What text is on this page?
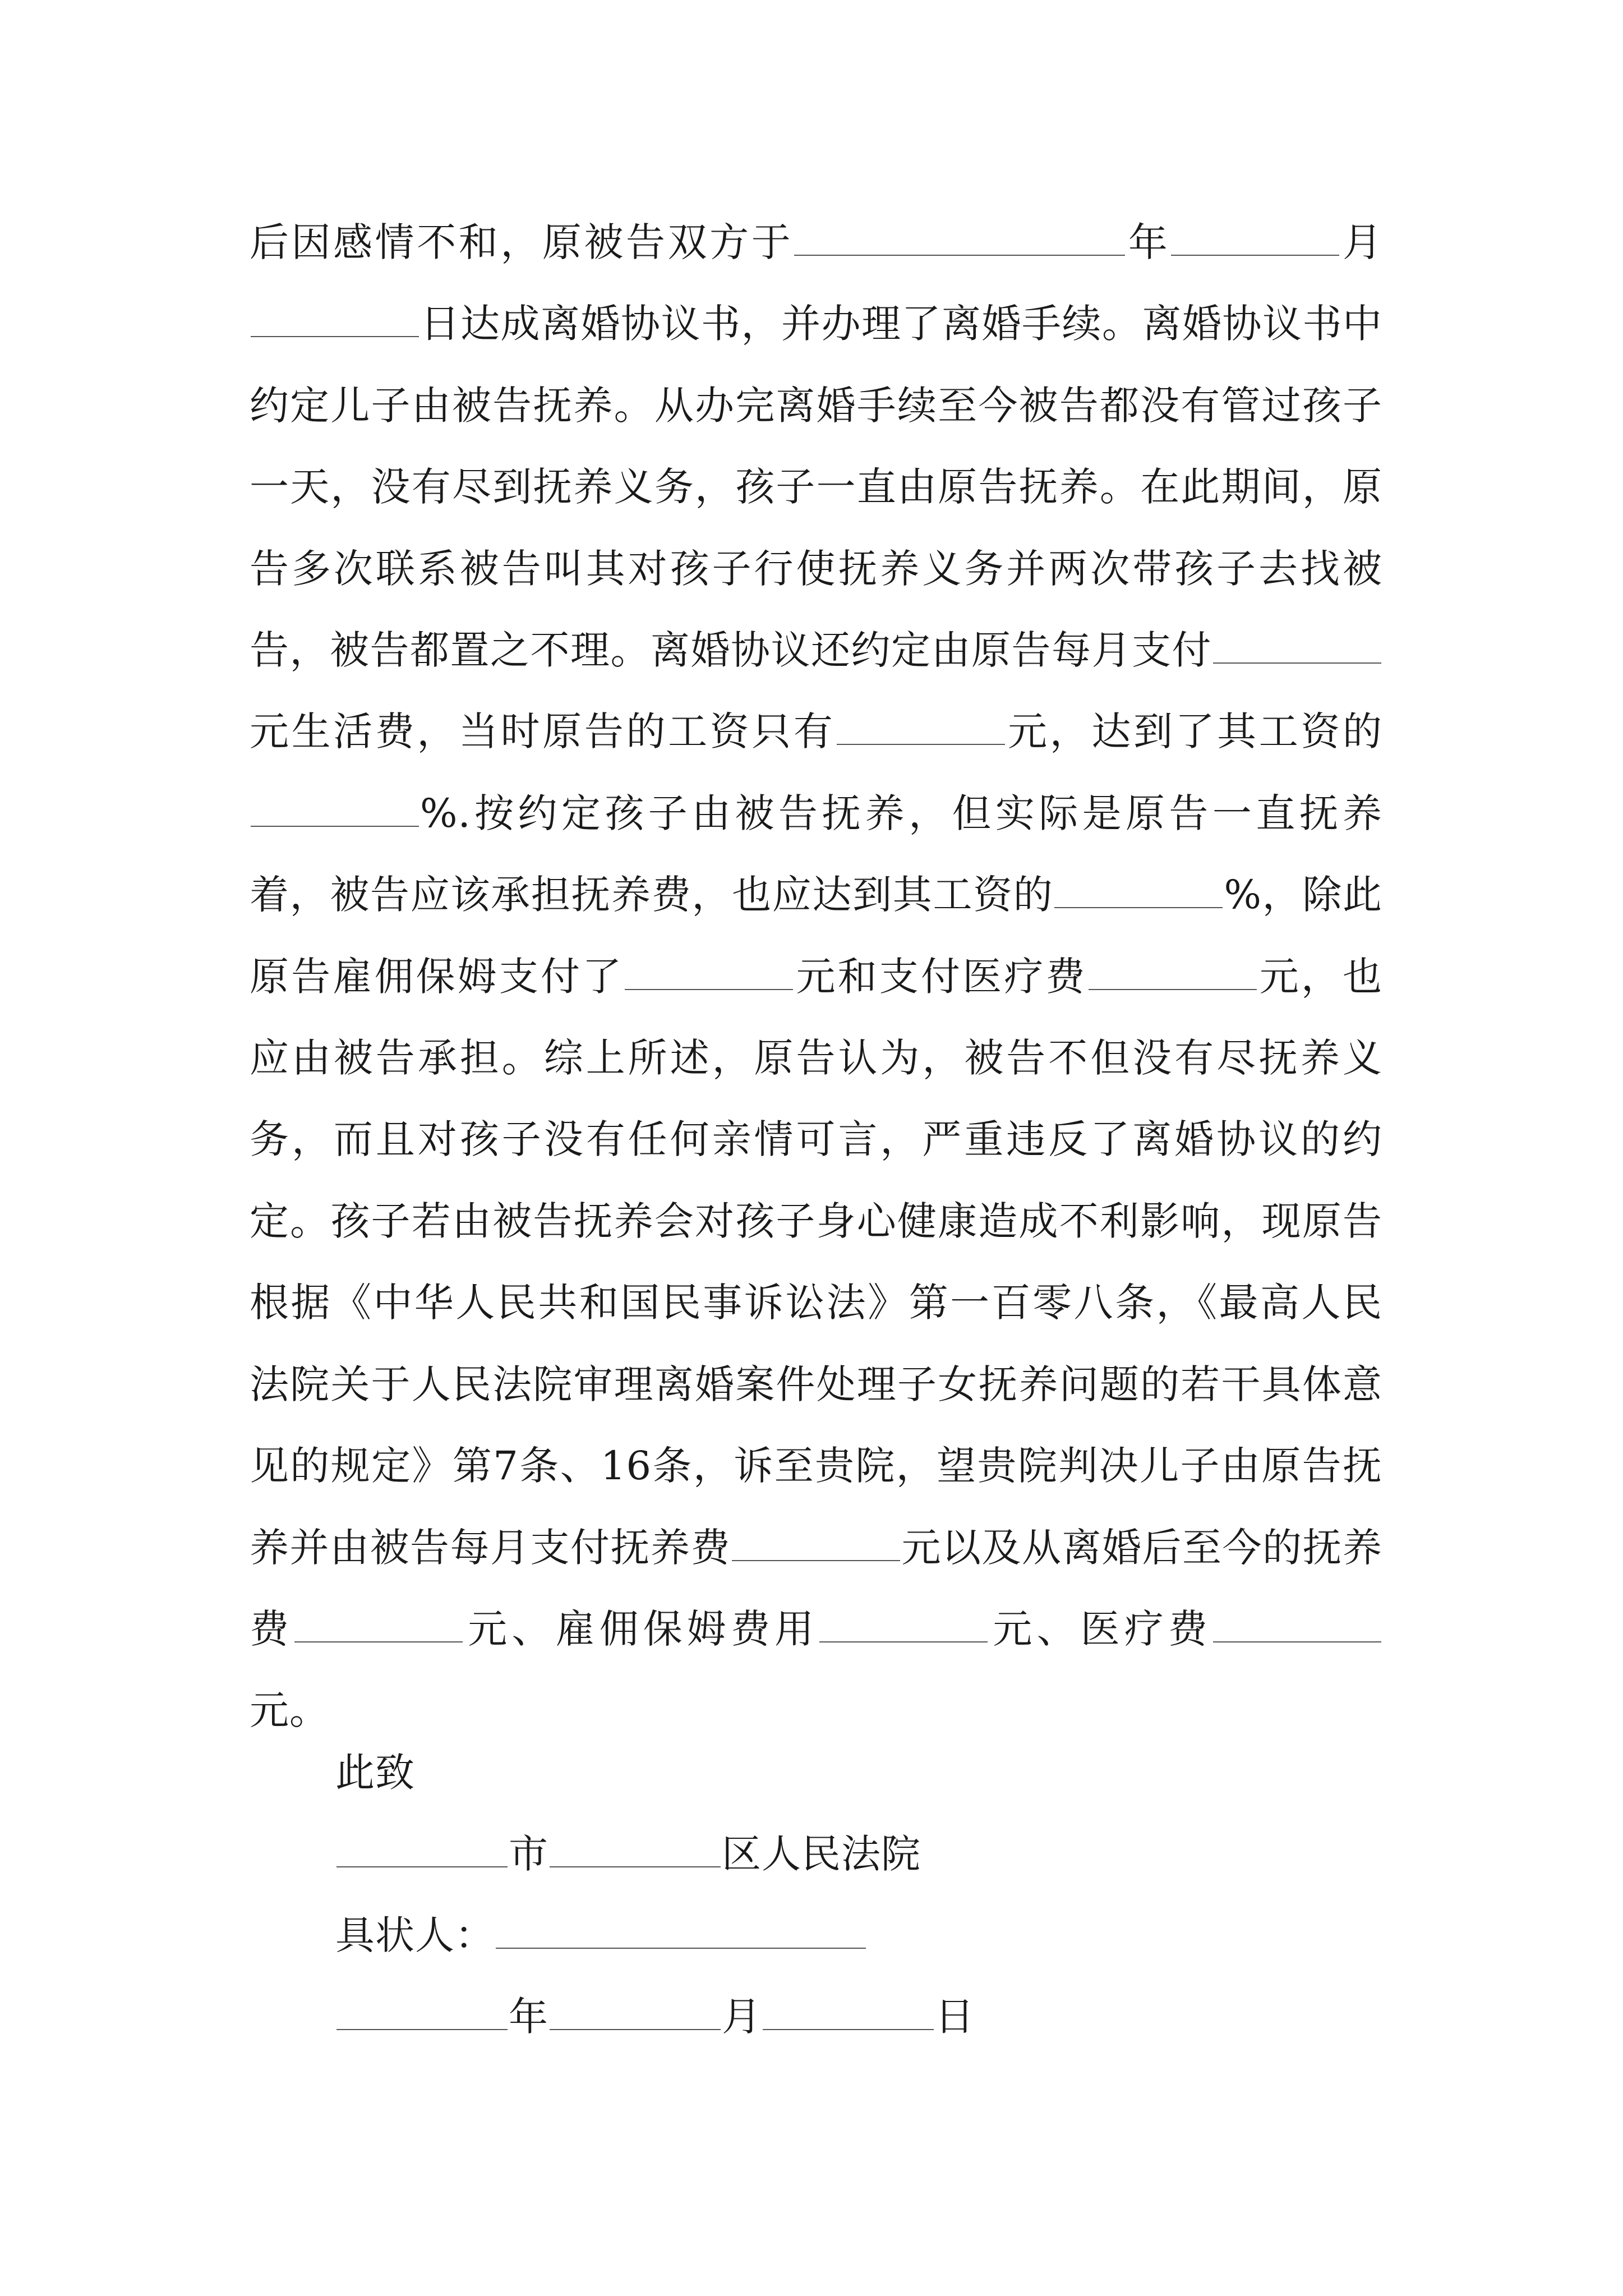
后因感情不和，原被告双方于	年	月日达成离婚协议书，并办理了离婚手续。离婚协议书中约定儿子由被告抚养。从办完离婚手续至今被告都没有管过孩子一天，没有尽到抚养义务，孩子一直由原告抚养。在此期间，原告多次联系被告叫其对孩子行使抚养义务并两次带孩子去找被告，被告都置之不理。离婚协议还约定由原告每月支付元生活费，当时原告的工资只有	元，达到了其工资的%.按约定孩子由被告抚养，但实际是原告一直抚养着，被告应该承担抚养费，也应达到其工资的	%，除此原告雇佣保姆支付了	元和支付医疗费	元，也应由被告承担。综上所述，原告认为，被告不但没有尽抚养义务，而且对孩子没有任何亲情可言，严重违反了离婚协议的约定。孩子若由被告抚养会对孩子身心健康造成不利影响，现原告根据《中华人民共和国民事诉讼法》第一百零八条，《最高人民法院关于人民法院审理离婚案件处理子女抚养问题的若干具体意见的规定》第7条、16条，诉至贵院，望贵院判决儿子由原告抚养并由被告每月支付抚养费	元以及从离婚后至今的抚养费	元、雇佣保姆费用	元、医疗费元。
此致
市	区人民法院
具状人：
年	月	日
